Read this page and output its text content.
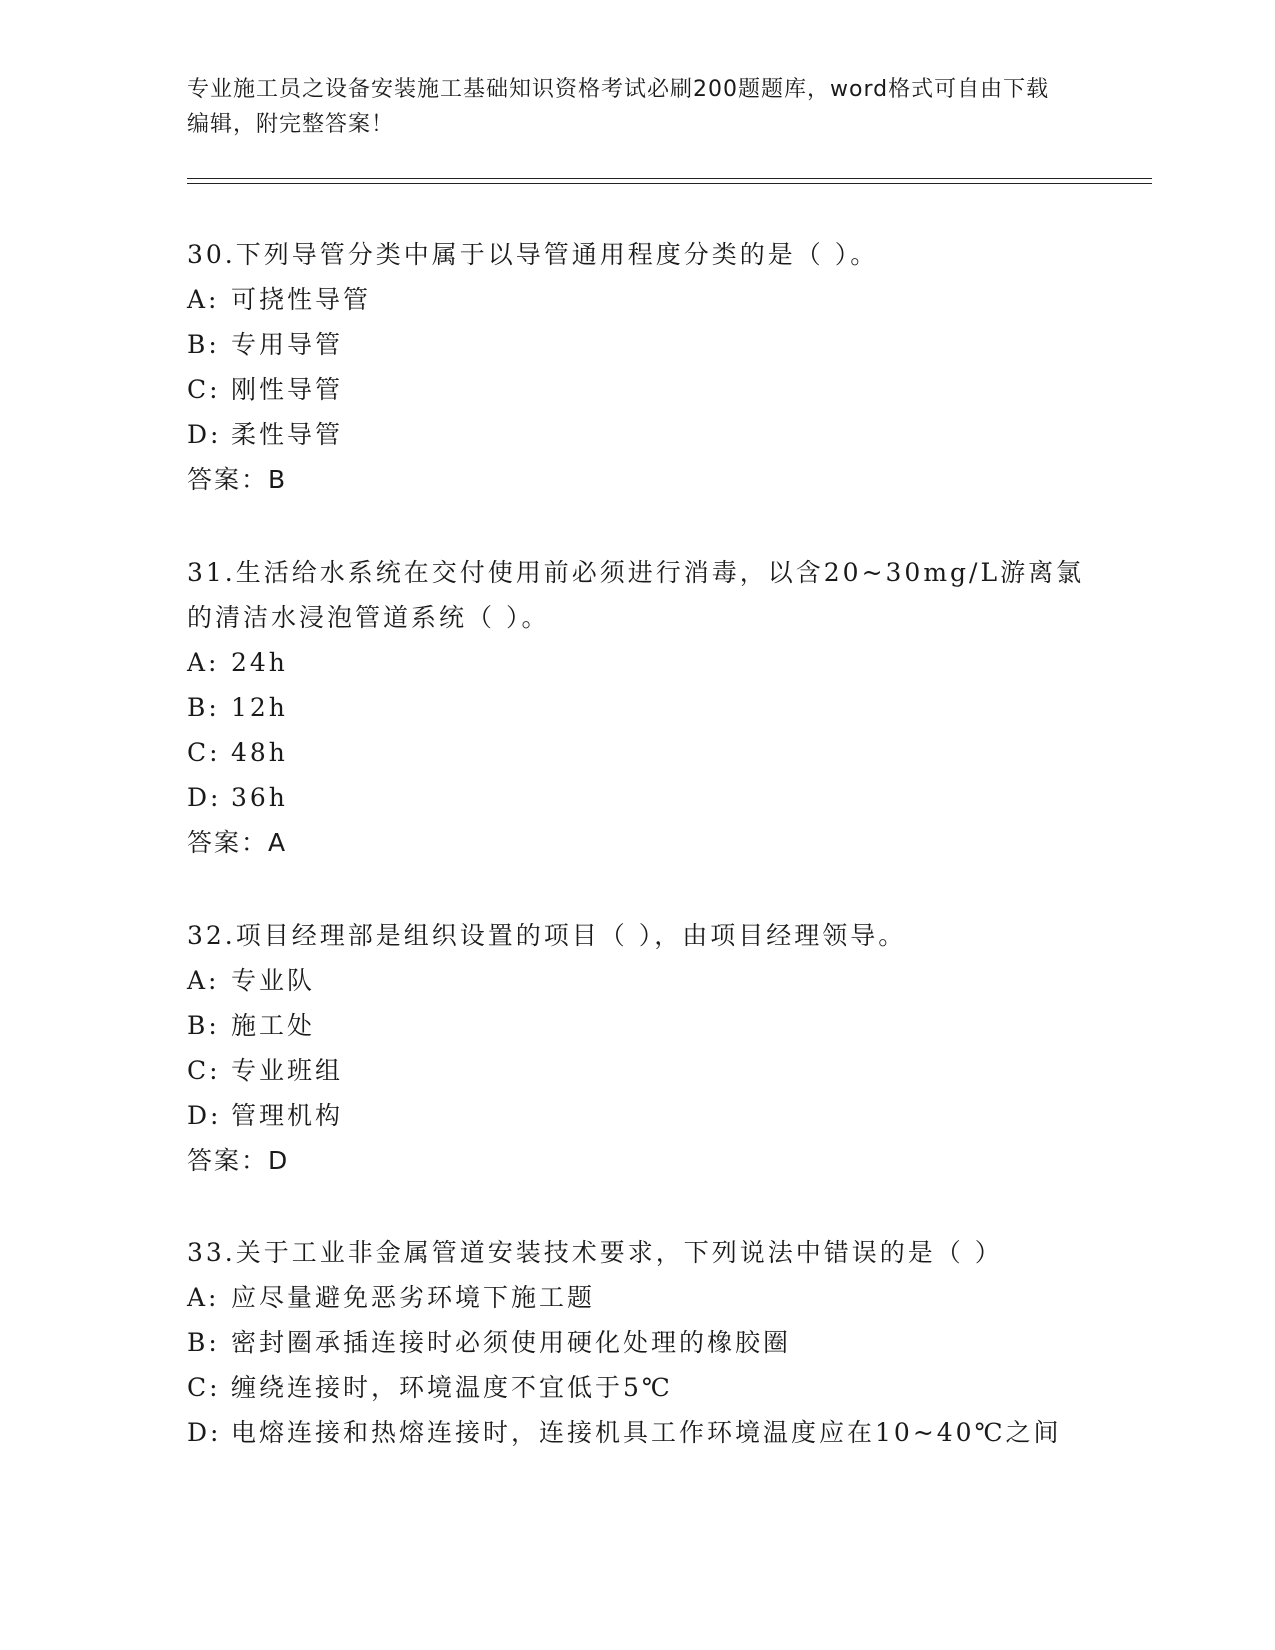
专业施工员之设备安装施工基础知识资格考试必刷200题题库，word格式可自由下载编辑，附完整答案！

30.下列导管分类中属于以导管通用程度分类的是（ ）。

A: 可挠性导管

B: 专用导管

C: 刚性导管

D: 柔性导管

答案：B

31.生活给水系统在交付使用前必须进行消毒，以含20~30mg/L游离氯的清洁水浸泡管道系统（ ）。

A: 24h

B: 12h

C: 48h

D: 36h

答案：A

32.项目经理部是组织设置的项目（ ），由项目经理领导。

A: 专业队

B: 施工处

C: 专业班组

D: 管理机构

答案：D

33.关于工业非金属管道安装技术要求，下列说法中错误的是（ ）

A: 应尽量避免恶劣环境下施工题

B: 密封圈承插连接时必须使用硬化处理的橡胶圈

C: 缠绕连接时，环境温度不宜低于5℃

D: 电熔连接和热熔连接时，连接机具工作环境温度应在10~40℃之间
